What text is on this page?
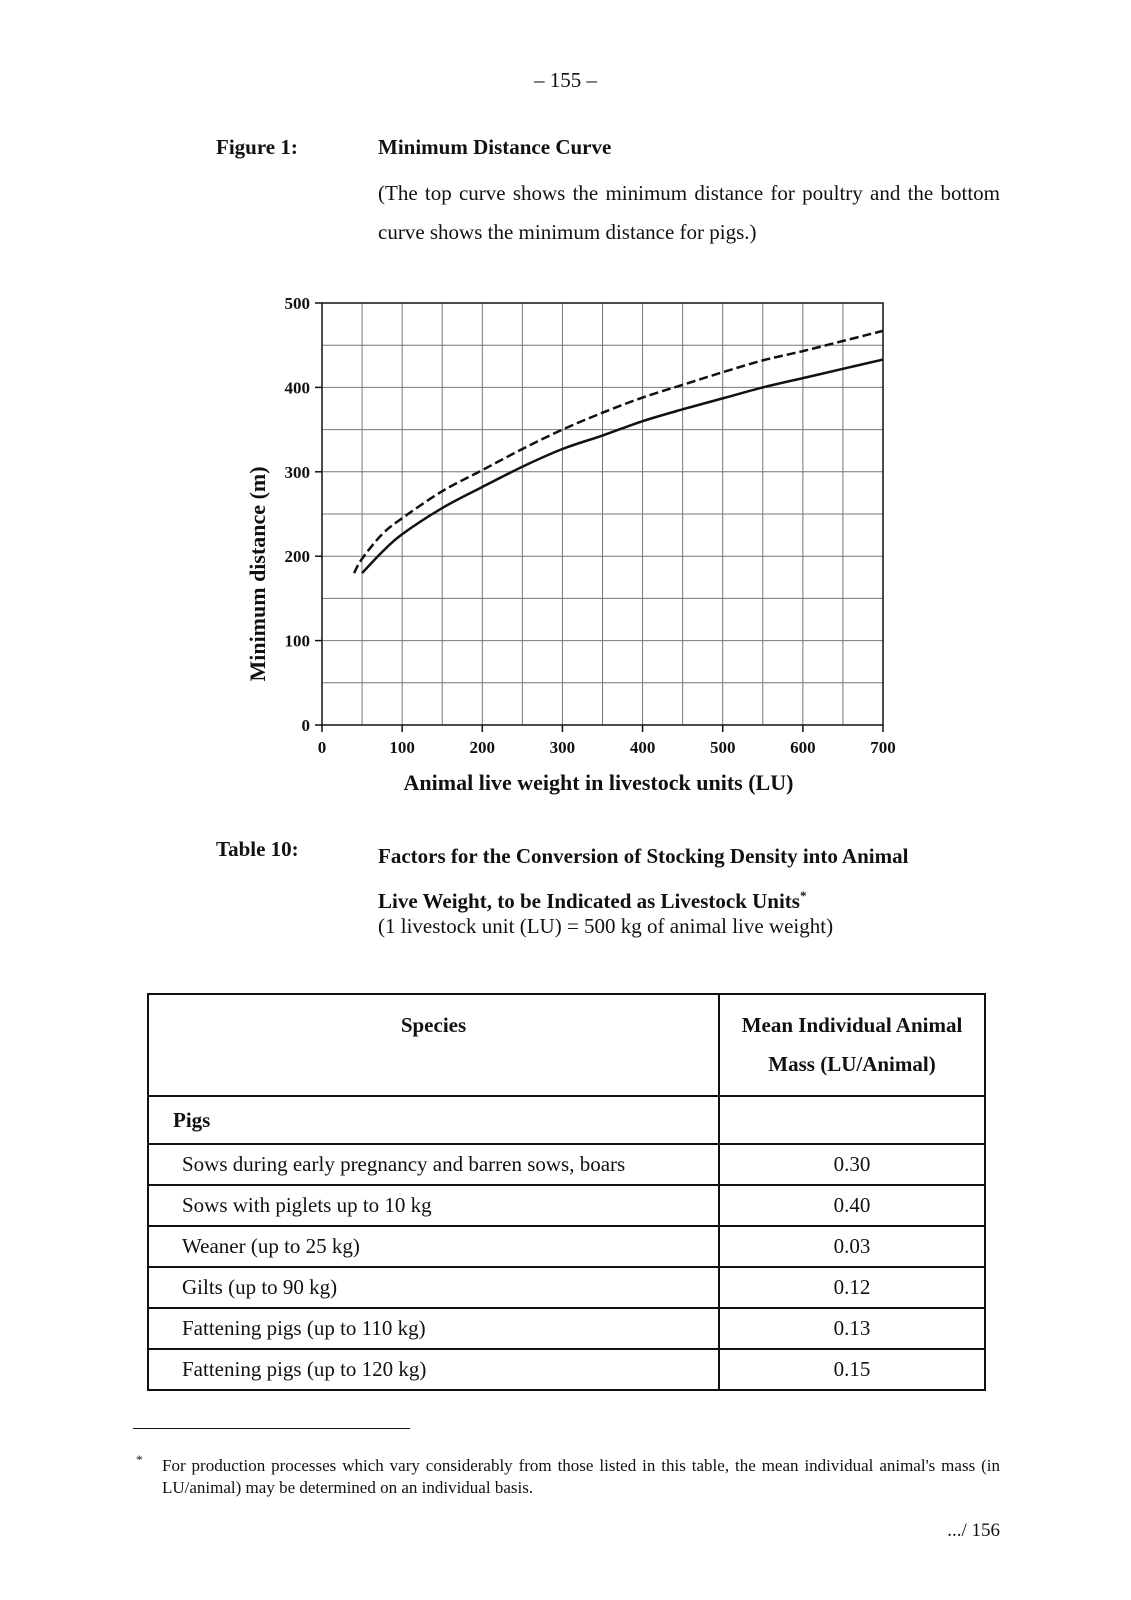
– 155 –
Figure 1:	Minimum Distance Curve
(The top curve shows the minimum distance for poultry and the bottom curve shows the minimum distance for pigs.)
0	100	200	300	400	500	600	700
0
100
200
300
400
500
Minimum distance (m)
Animal live weight in livestock units (LU)
Table 10:	Factors for the Conversion of Stocking Density into Animal
Live Weight, to be Indicated as Livestock Units*
(1 livestock unit (LU) = 500 kg of animal live weight)
Species	Mean Individual Animal
Mass (LU/Animal)
Pigs	
Sows during early pregnancy and barren sows, boars	0.30
Sows with piglets up to 10 kg	0.40
Weaner (up to 25 kg)	0.03
Gilts (up to 90 kg)	0.12
Fattening pigs (up to 110 kg)	0.13
Fattening pigs (up to 120 kg)	0.15
* For production processes which vary considerably from those listed in this table, the mean individual animal's mass (in LU/animal) may be determined on an individual basis.
.../ 156
